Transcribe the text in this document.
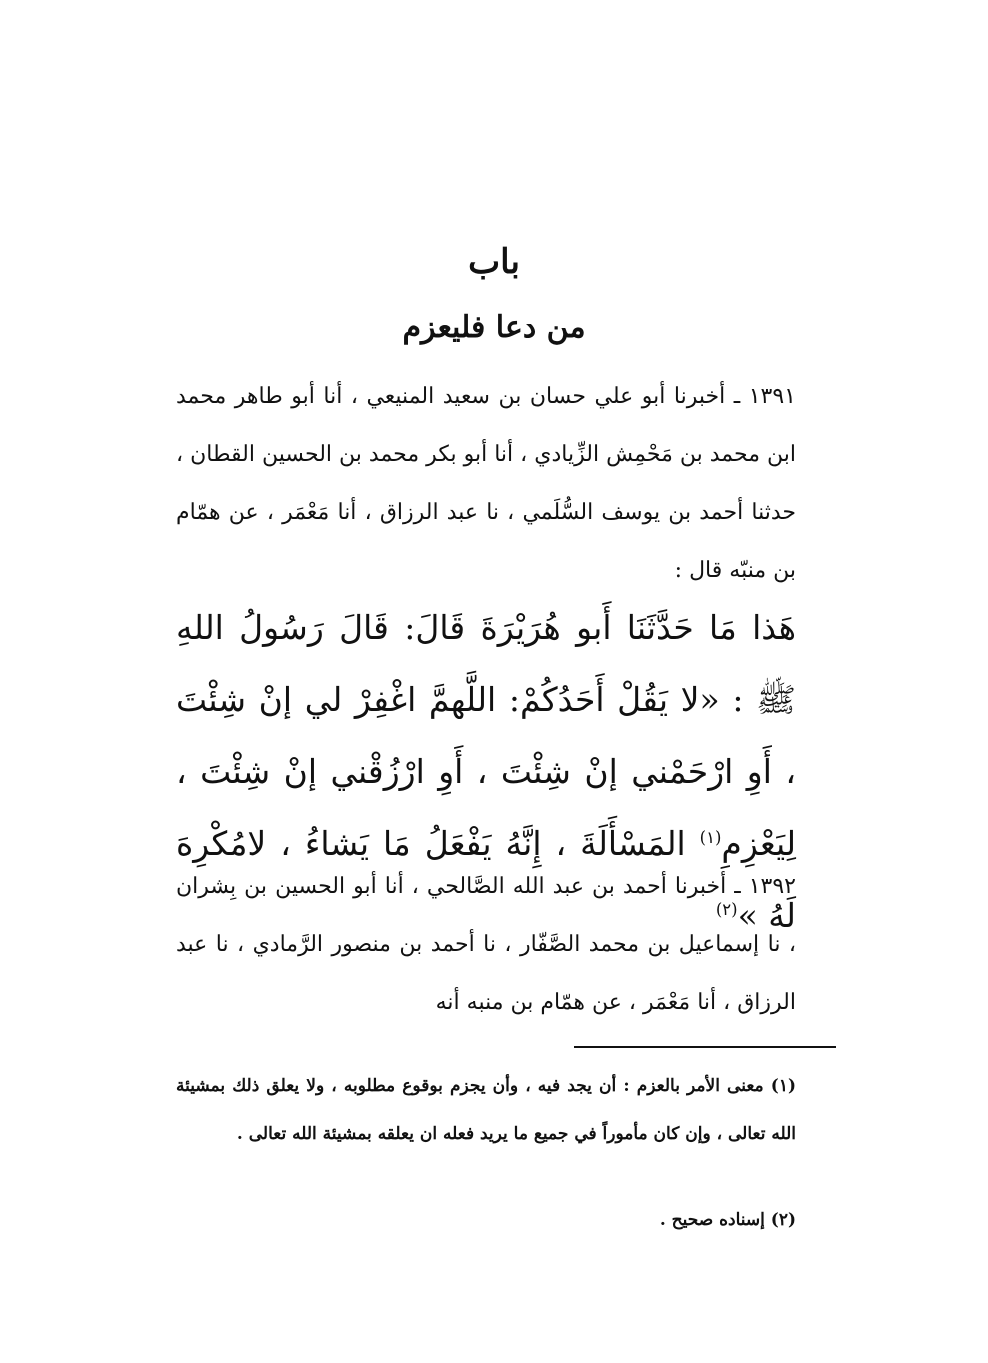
باب
من دعا فليعزم

١٣٩١ ـ أخبرنا أبو علي حسان بن سعيد المنيعي ، أنا أبو طاهر محمد ابن محمد بن مَحْمِش الزِّيادي ، أنا أبو بكر محمد بن الحسين القطان ، حدثنا أحمد بن يوسف السُّلَمي ، نا عبد الرزاق ، أنا مَعْمَر ، عن همّام بن منبّه قال :

هَذا مَا حَدَّثَنَا أَبو هُرَيْرَةَ قَالَ: قَالَ رَسُولُ اللهِ ﷺ : «لا يَقُلْ أَحَدُكُمْ: اللَّهمَّ اغْفِرْ لي إنْ شِئْتَ ، أَوِ ارْحَمْني إنْ شِئْتَ ، أَوِ ارْزُقْني إنْ شِئْتَ ، لِيَعْزِمِ$^{(١)}$ المَسْأَلَةَ ، إِنَّهُ يَفْعَلُ مَا يَشاءُ ، لامُكْرِهَ لَهُ »$^{(٢)}$

١٣٩٢ ـ أخبرنا أحمد بن عبد الله الصَّالحي ، أنا أبو الحسين بن بِشران ، نا إسماعيل بن محمد الصَّفّار ، نا أحمد بن منصور الرَّمادي ، نا عبد الرزاق ، أنا مَعْمَر ، عن همّام بن منبه أنه

(١) معنى الأمر بالعزم : أن يجد فيه ، وأن يجزم بوقوع مطلوبه ، ولا يعلق ذلك بمشيئة الله تعالى ، وإن كان مأموراً في جميع ما يريد فعله ان يعلقه بمشيئة الله تعالى .

(٢) إسناده صحيح .
